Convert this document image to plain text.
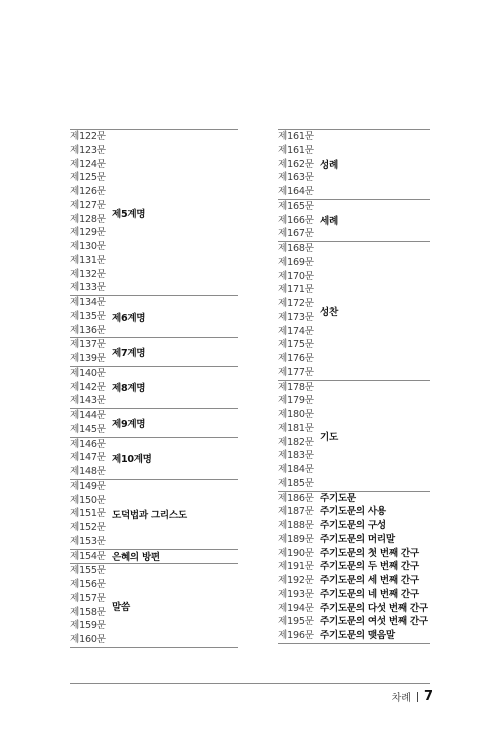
제122문
제123문
제124문
제125문
제126문
제127문
제128문
제129문
제130문
제131문
제132문
제133문
제5계명
제134문
제135문
제136문
제6계명
제137문
제139문 제7계명
제140문
제142문
제143문
제8계명
제144문
제145문 제9계명
제146문
제147문
제148문
제10계명
제149문
제150문
제151문
제152문
제153문
도덕법과 그리스도
제154문 은혜의 방편
제155문
제156문
제157문
제158문
제159문
제160문
말씀
제161문
제161문
제162문
제163문
제164문
성례
제165문
제166문
제167문
세례
제168문
제169문
제170문
제171문
제172문
제173문
제174문
제175문
제176문
제177문
성찬
제178문
제179문
제180문
제181문
제182문
제183문
제184문
제185문
기도
제186문 주기도문
제187문 주기도문의 사용
제188문 주기도문의 구성
제189문 주기도문의 머리말
제190문 주기도문의 첫 번째 간구
제191문 주기도문의 두 번째 간구
제192문 주기도문의 세 번째 간구
제193문 주기도문의 네 번째 간구
제194문 주기도문의 다섯 번째 간구
제195문 주기도문의 여섯 번째 간구
제196문 주기도문의 맺음말
차례 7
